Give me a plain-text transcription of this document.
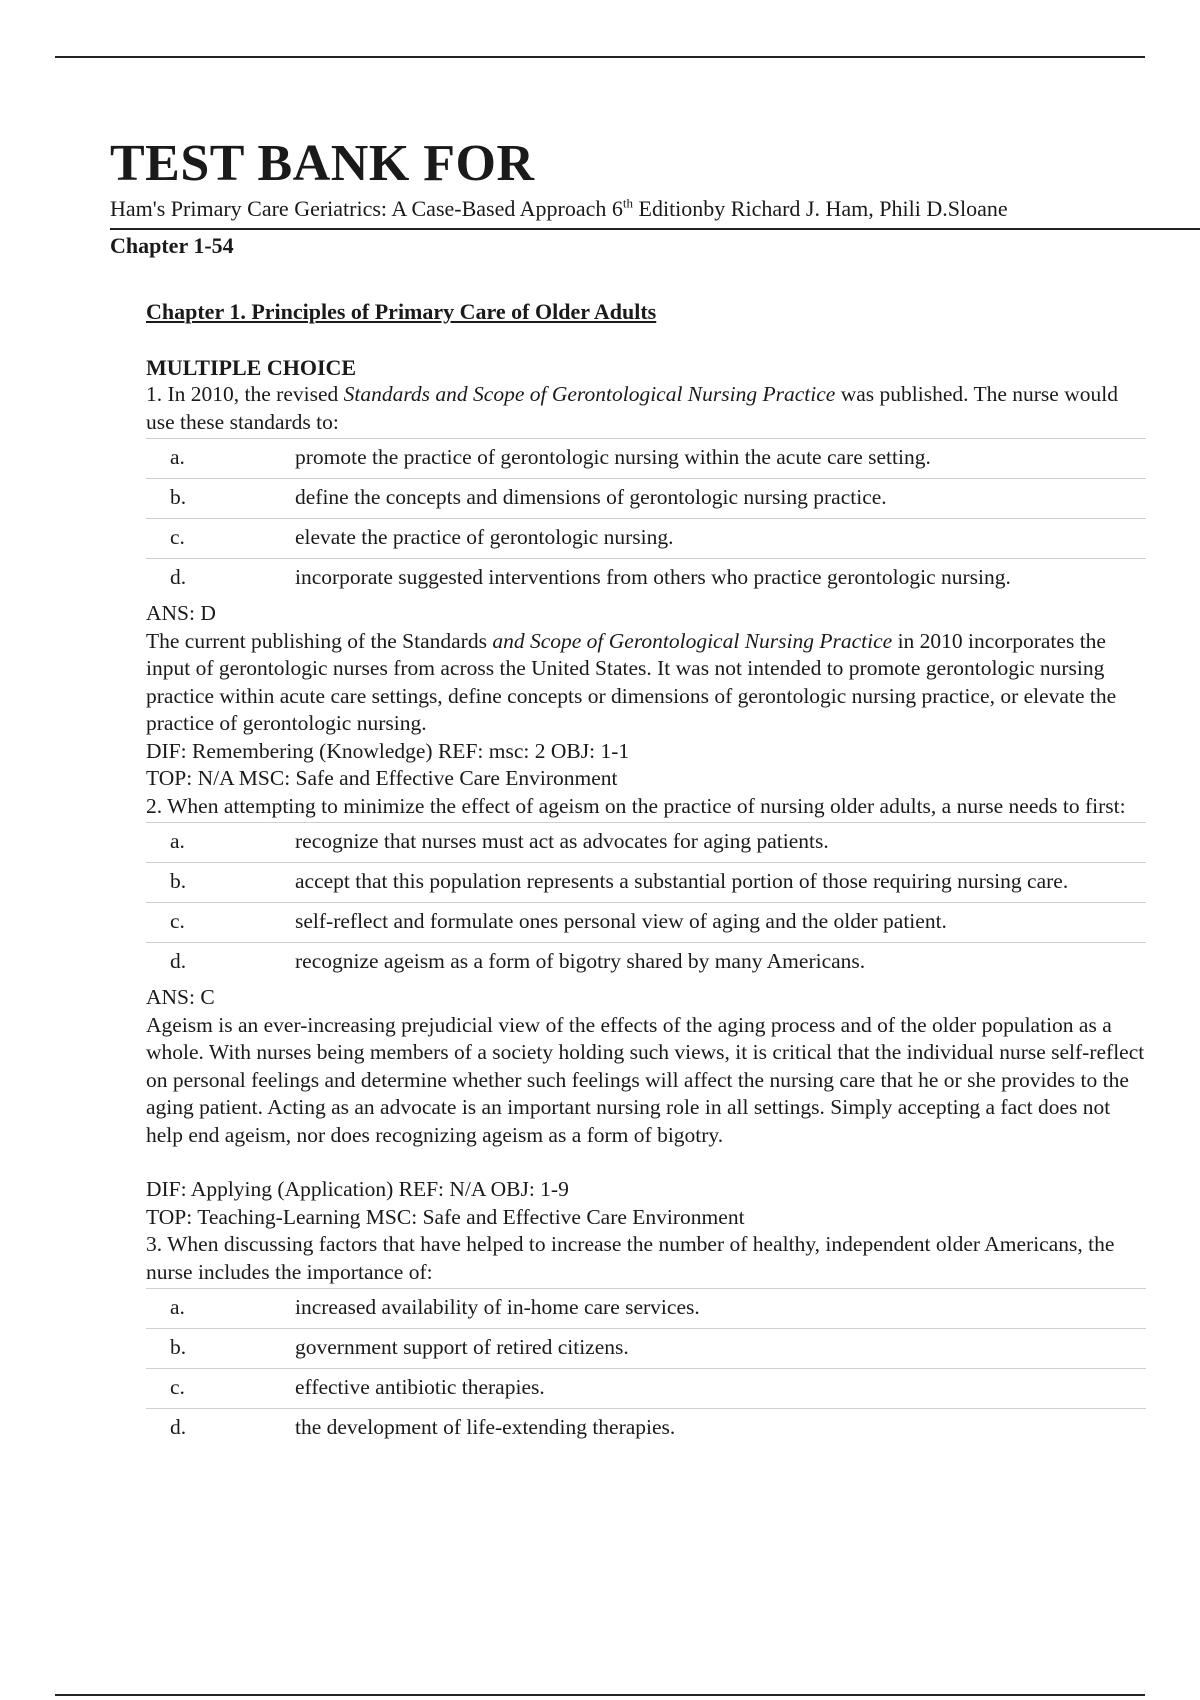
TEST BANK FOR
Ham's Primary Care Geriatrics: A Case-Based Approach 6th Editionby Richard J. Ham, Phili D.Sloane
Chapter 1-54
Chapter 1. Principles of Primary Care of Older Adults
MULTIPLE CHOICE
1. In 2010, the revised Standards and Scope of Gerontological Nursing Practice was published. The nurse would use these standards to:
a.	promote the practice of gerontologic nursing within the acute care setting.
b.	define the concepts and dimensions of gerontologic nursing practice.
c.	elevate the practice of gerontologic nursing.
d.	incorporate suggested interventions from others who practice gerontologic nursing.
ANS: D
The current publishing of the Standards and Scope of Gerontological Nursing Practice in 2010 incorporates the input of gerontologic nurses from across the United States. It was not intended to promote gerontologic nursing practice within acute care settings, define concepts or dimensions of gerontologic nursing practice, or elevate the practice of gerontologic nursing.
DIF: Remembering (Knowledge) REF: msc: 2 OBJ: 1-1
TOP: N/A MSC: Safe and Effective Care Environment
2. When attempting to minimize the effect of ageism on the practice of nursing older adults, a nurse needs to first:
a.	recognize that nurses must act as advocates for aging patients.
b.	accept that this population represents a substantial portion of those requiring nursing care.
c.	self-reflect and formulate ones personal view of aging and the older patient.
d.	recognize ageism as a form of bigotry shared by many Americans.
ANS: C
Ageism is an ever-increasing prejudicial view of the effects of the aging process and of the older population as a whole. With nurses being members of a society holding such views, it is critical that the individual nurse self-reflect on personal feelings and determine whether such feelings will affect the nursing care that he or she provides to the aging patient. Acting as an advocate is an important nursing role in all settings. Simply accepting a fact does not help end ageism, nor does recognizing ageism as a form of bigotry.
DIF: Applying (Application) REF: N/A OBJ: 1-9
TOP: Teaching-Learning MSC: Safe and Effective Care Environment
3. When discussing factors that have helped to increase the number of healthy, independent older Americans, the nurse includes the importance of:
a.	increased availability of in-home care services.
b.	government support of retired citizens.
c.	effective antibiotic therapies.
d.	the development of life-extending therapies.
